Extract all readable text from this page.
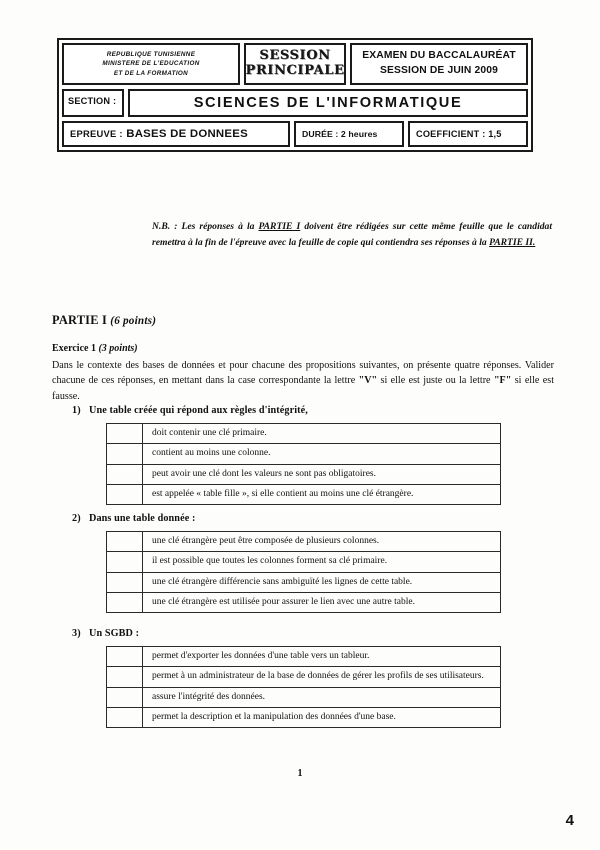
REPUBLIQUE TUNISIENNE
MINISTERE DE L'EDUCATION
ET DE LA FORMATION
SESSION
PRINCIPALE
EXAMEN DU BACCALAURÉAT
SESSION DE JUIN 2009
SECTION :	SCIENCES DE L'INFORMATIQUE
EPREUVE : BASES DE DONNEES	DURÉE : 2 heures	COEFFICIENT : 1,5
N.B. : Les réponses à la PARTIE I doivent être rédigées sur cette même feuille que le candidat remettra à la fin de l'épreuve avec la feuille de copie qui contiendra ses réponses à la PARTIE II.
PARTIE I (6 points)
Exercice 1 (3 points)
Dans le contexte des bases de données et pour chacune des propositions suivantes, on présente quatre réponses. Valider chacune de ces réponses, en mettant dans la case correspondante la lettre "V" si elle est juste ou la lettre "F" si elle est fausse.
1) Une table créée qui répond aux règles d'intégrité,
	doit contenir une clé primaire.
	contient au moins une colonne.
	peut avoir une clé dont les valeurs ne sont pas obligatoires.
	est appelée « table fille », si elle contient au moins une clé étrangère.
2) Dans une table donnée :
	une clé étrangère peut être composée de plusieurs colonnes.
	il est possible que toutes les colonnes forment sa clé primaire.
	une clé étrangère différencie sans ambiguïté les lignes de cette table.
	une clé étrangère est utilisée pour assurer le lien avec une autre table.
3) Un SGBD :
	permet d'exporter les données d'une table vers un tableur.
	permet à un administrateur de la base de données de gérer les profils de ses utilisateurs.
	assure l'intégrité des données.
	permet la description et la manipulation des données d'une base.
1
4
